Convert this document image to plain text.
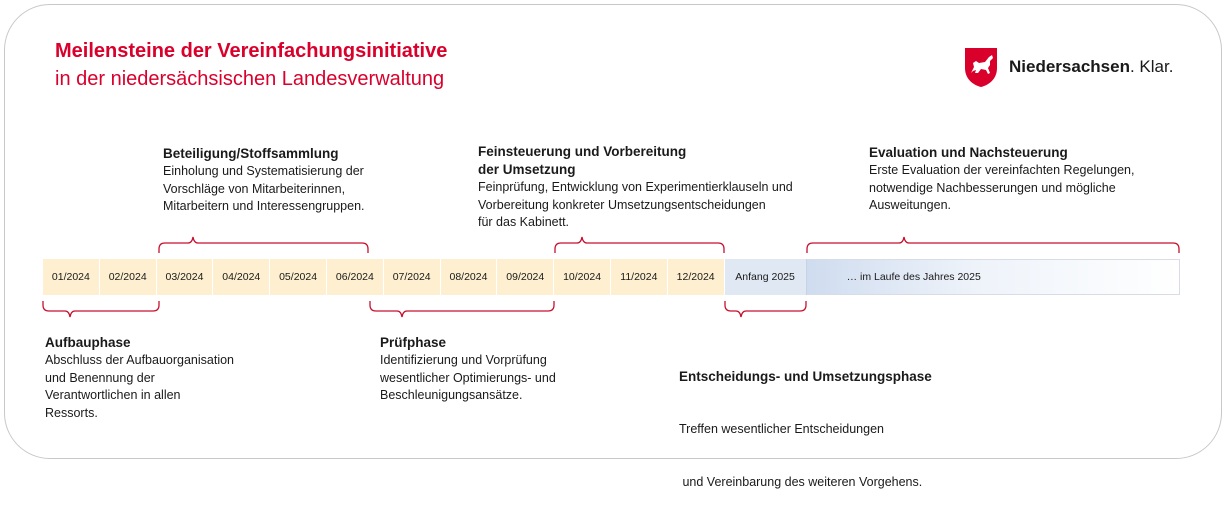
Meilensteine der Vereinfachungsinitiative
in der niedersächsischen Landesverwaltung
Niedersachsen. Klar.
01/2024	02/2024	03/2024	04/2024	05/2024	06/2024	07/2024	08/2024	09/2024	10/2024	11/2024	12/2024	Anfang 2025	… im Laufe des Jahres 2025
Beteiligung/Stoffsammlung
Einholung und Systematisierung der
Vorschläge von Mitarbeiterinnen,
Mitarbeitern und Interessengruppen.
Feinsteuerung und Vorbereitung
der Umsetzung
Feinprüfung, Entwicklung von Experimentierklauseln und
Vorbereitung konkreter Umsetzungsentscheidungen
für das Kabinett.
Evaluation und Nachsteuerung
Erste Evaluation der vereinfachten Regelungen,
notwendige Nachbesserungen und mögliche
Ausweitungen.
Aufbauphase
Abschluss der Aufbauorganisation
und Benennung der
Verantwortlichen in allen
Ressorts.
Prüfphase
Identifizierung und Vorprüfung
wesentlicher Optimierungs- und
Beschleunigungsansätze.

Entscheidungs- und Umsetzungsphase

Treffen wesentlicher Entscheidungen

und Vereinbarung des weiteren Vorgehens.
